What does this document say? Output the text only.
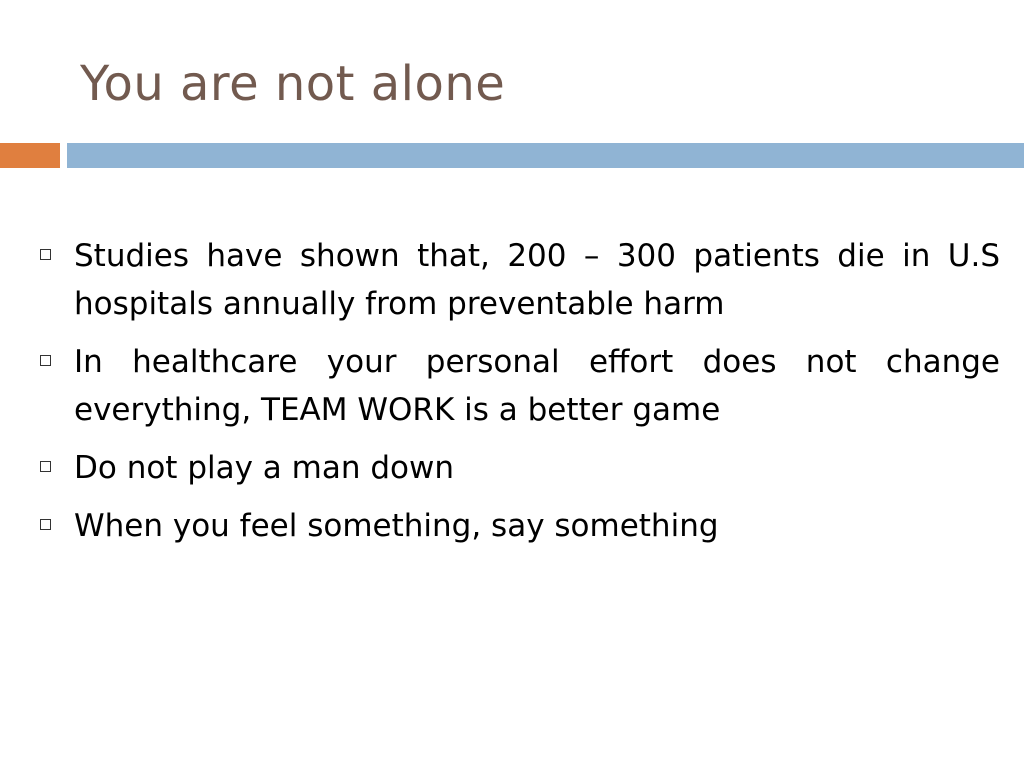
You are not alone
Studies have shown that, 200 – 300 patients die in U.S hospitals annually from preventable harm
In healthcare your personal effort does not change everything, TEAM WORK is a better game
Do not play a man down
When you feel something, say something
